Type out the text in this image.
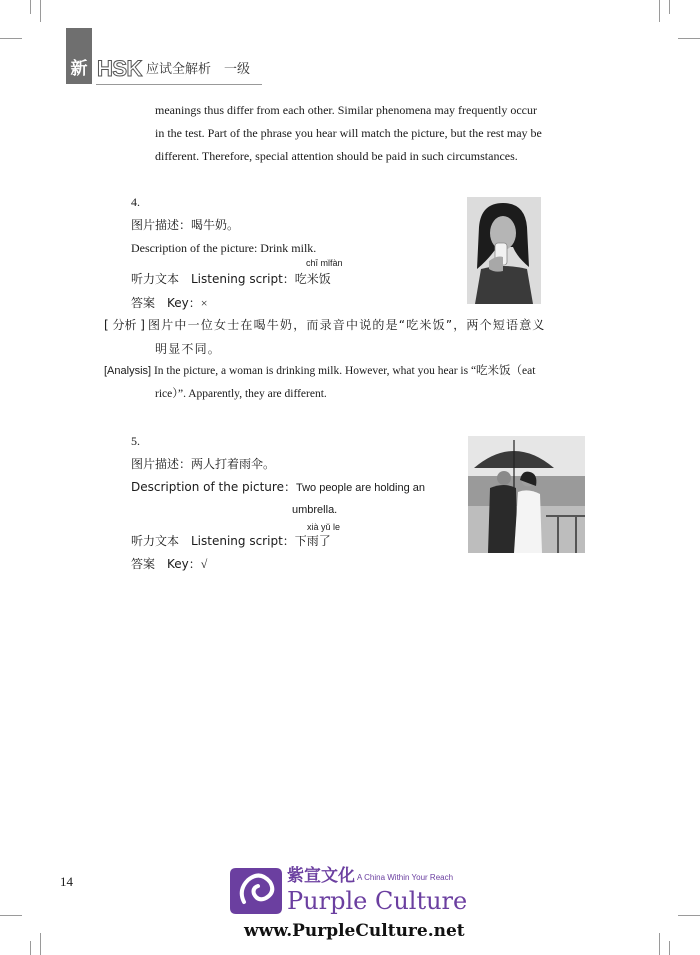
新 HSK 应试全解析　一级
meanings thus differ from each other. Similar phenomena may frequently occur
in the test. Part of the phrase you hear will match the picture, but the rest may be
different. Therefore, special attention should be paid in such circumstances.
4.
图片描述：喝牛奶。
Description of the picture: Drink milk.
chī mǐfàn
听力文本　Listening script：吃米饭
答案　Key：×
[ 分析 ] 图片中一位女士在喝牛奶，而录音中说的是“吃米饭”，两个短语意义
明显不同。
[Analysis] In the picture, a woman is drinking milk. However, what you hear is “吃米饭（eat
rice）”. Apparently, they are different.
5.
图片描述：两人打着雨伞。
Description of the picture：Two people are holding an
umbrella.
xià yǔ le
听力文本　Listening script：下雨了
答案　Key：√
14	紫宣文化 A China Within Your Reach
Purple Culture
www.PurpleCulture.net
